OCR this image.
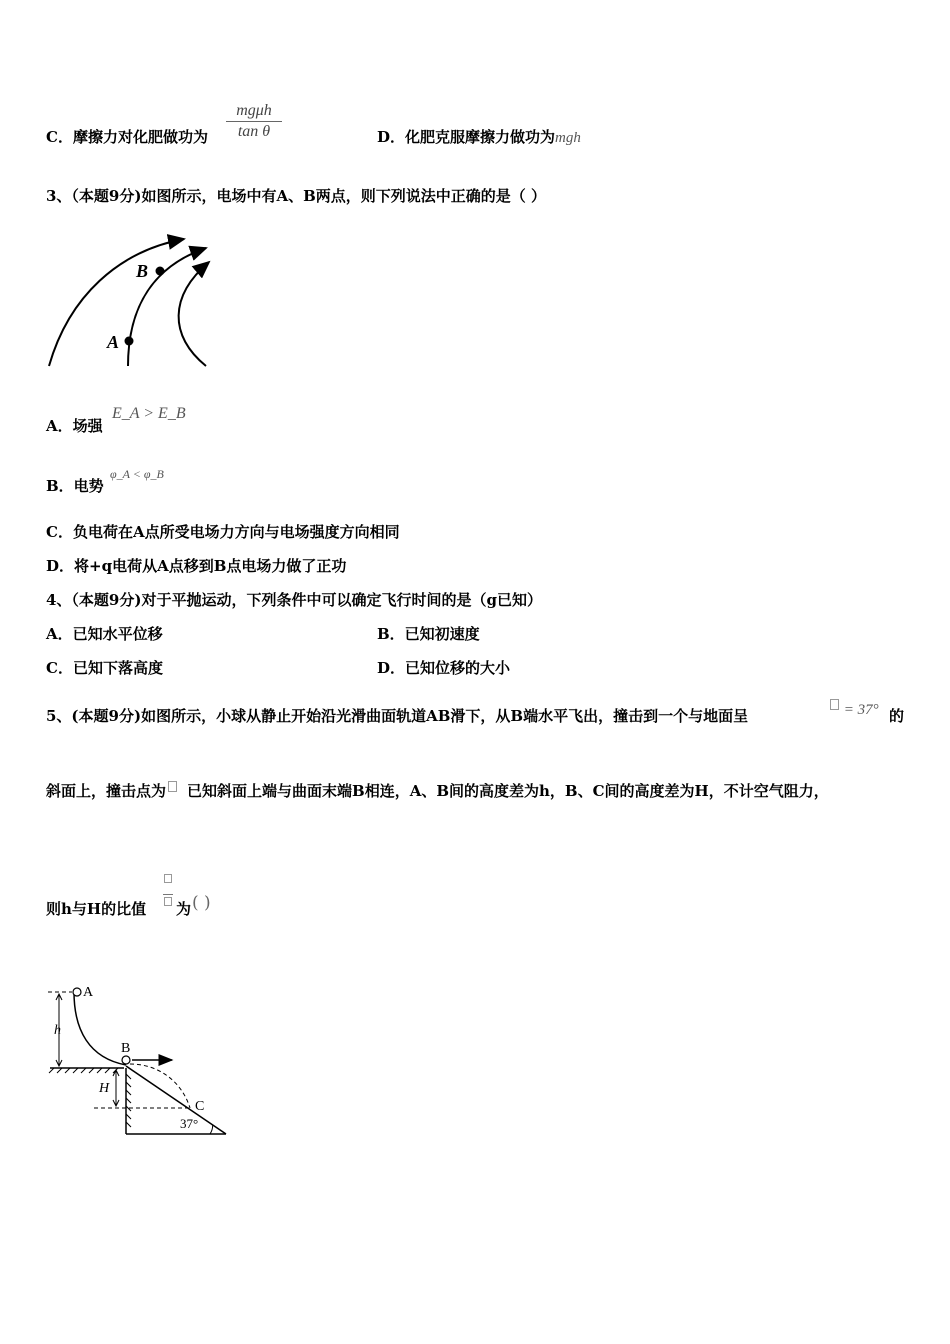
C．摩擦力对化肥做功为
mgμh
tan θ	D．化肥克服摩擦力做功为mgh
3、（本题9分)如图所示，电场中有A、B两点，则下列说法中正确的是（ ）
B
A
A．场强
E_A > E_B
B．电势
φ_A < φ_B
C．负电荷在A点所受电场力方向与电场强度方向相同
D．将+q电荷从A点移到B点电场力做了正功
4、（本题9分)对于平抛运动，下列条件中可以确定飞行时间的是（g已知）
A．已知水平位移	B．已知初速度
C．已知下落高度	D．已知位移的大小
5、(本题9分)如图所示，小球从静止开始沿光滑曲面轨道AB滑下，从B端水平飞出，撞击到一个与地面呈	= 37° 的
斜面上，撞击点为 已知斜面上端与曲面末端B相连，A、B间的高度差为h，B、C间的高度差为H，不计空气阻力，
则h与H的比值 为 ( )
A
B
C
h
H
37°
